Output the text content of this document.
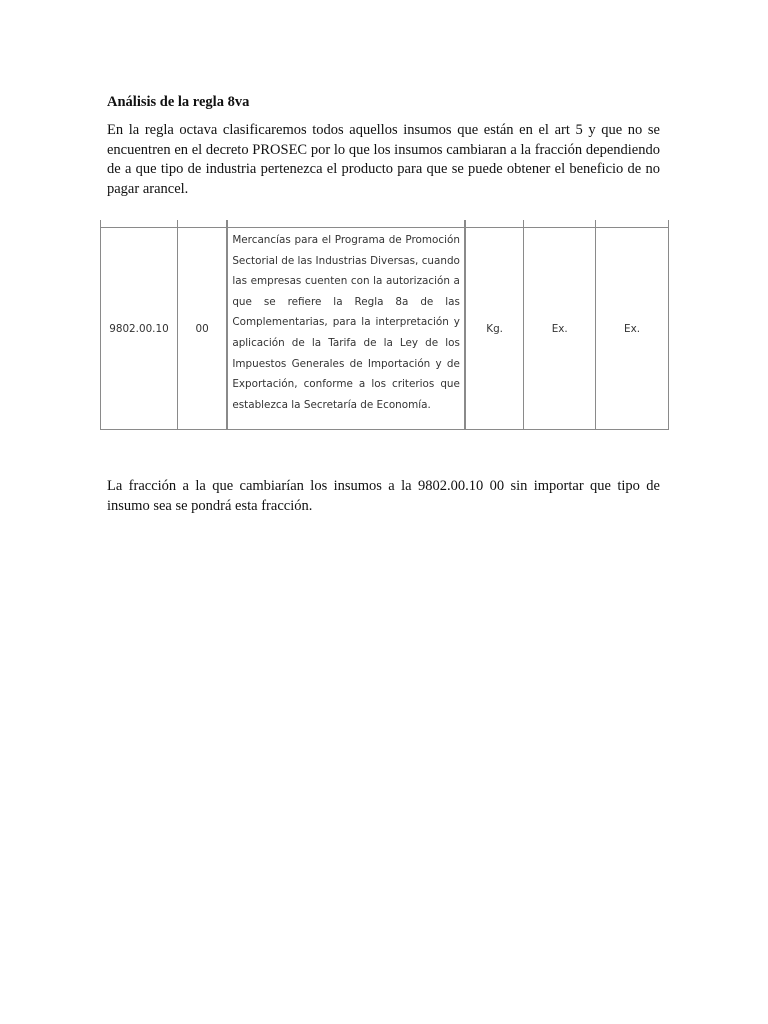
Análisis de la regla 8va

En la regla octava clasificaremos todos aquellos insumos que están en el art 5 y que no se encuentren en el decreto PROSEC por lo que los insumos cambiaran a la fracción dependiendo de a que tipo de industria pertenezca el producto para que se puede obtener el beneficio de no pagar arancel.

9802.00.10	00	Mercancías para el Programa de Promoción Sectorial de las Industrias Diversas, cuando las empresas cuenten con la autorización a que se refiere la Regla 8a de las Complementarias, para la interpretación y aplicación de la Tarifa de la Ley de los Impuestos Generales de Importación y de Exportación, conforme a los criterios que establezca la Secretaría de Economía.	Kg.	Ex.	Ex.

La fracción a la que cambiarían los insumos a la 9802.00.10 00 sin importar que tipo de insumo sea se pondrá esta fracción.
